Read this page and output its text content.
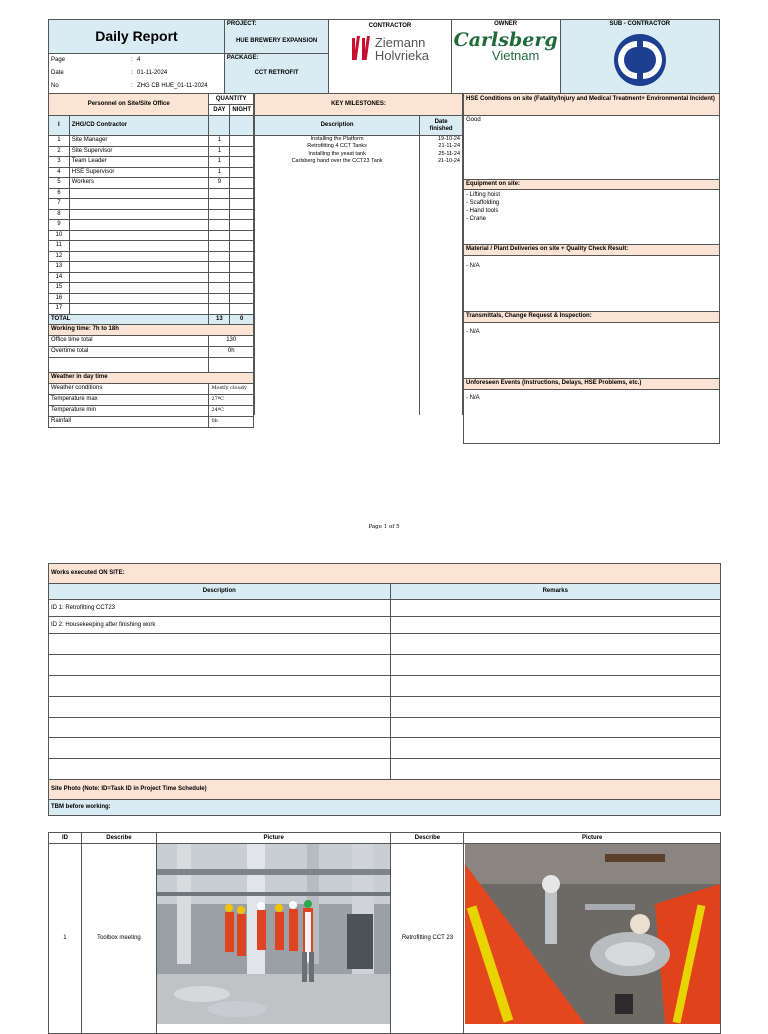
Daily Report	
PROJECT:
HUE BREWERY EXPANSION

CONTRACTOR
Ziemann
Holvrieka

OWNER
Carlsberg
Vietnam

SUB - CONTRACTOR

Page	:	4
Date	:	01-11-2024
No	:	ZHG CB HUE_01-11-2024

PACKAGE:
CCT RETROFIT
Personnel on Site/Site Office		QUANTITY	
		DAY	NIGHT
I	ZHG/CD Contractor		
1	Site Manager	1	
2	Site Supervisor	1	
3	Team Leader	1	
4	HSE Supervisor	1	
5	Workers	9	
6			
7			
8			
9			
10			
11			
12			
13			
14			
15			
16			
17			
TOTAL		13	0
Working time: 7h to 18h			
Office time total		130	
Overtime total		0h	

Weather in day time			
Weather conditions		Mostly cloudy	
Temperature max		27ºC	
Temperature min		24ºC	
Rainfall		0h	
KEY MILESTONES:	
Description	Date
finished

Installing the Platform	19-10-24
Retrofitting 4 CCT Tanks	21-11-24
Installing the yeast tank	25-11-24
Carlsberg hand over the CCT23 Tank	21-10-24

HSE Conditions on site (Fatality/Injury and Medical Treatment+ Environmental Incident)
Good
Equipment on site:
- Lifting hoist
- Scaffolding
- Hand tools
- Crane
Material / Plant Deliveries on site + Quality Check Result:
- N/A
Transmittals, Change Request & Inspection:
- N/A
Unforeseen Events (Instructions, Delays, HSE Problems, etc.)
- N/A
Page 1 of 5
Works executed ON SITE:	
Description	Remarks
ID 1: Retrofitting CCT23	
ID 2: Housekeeping after finishing work	

Site Photo (Note: ID=Task ID in Project Time Schedule)	
TBM before working:	
ID	Describe	Picture	Describe	Picture
1	Toolbox meeting		Retrofitting CCT 23	
